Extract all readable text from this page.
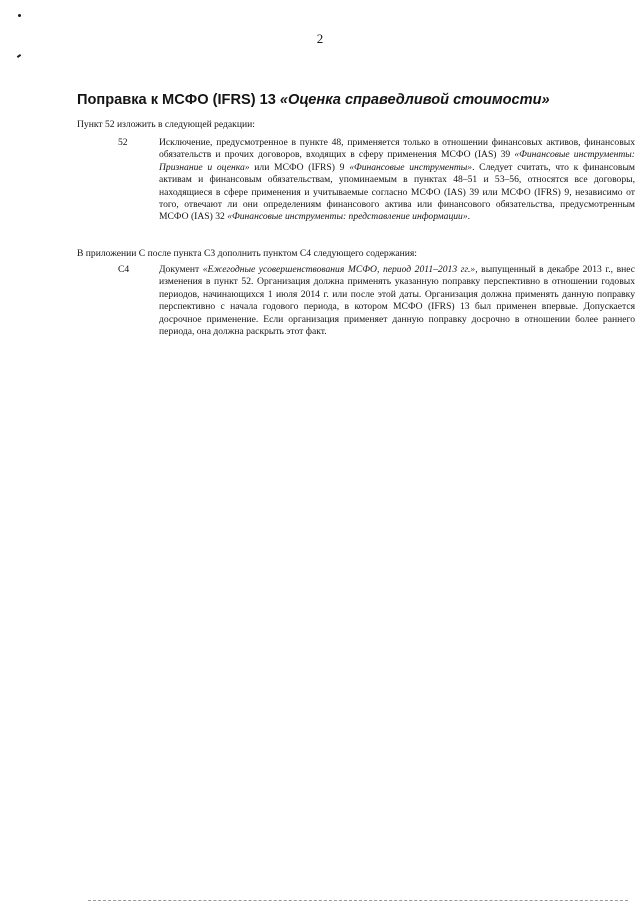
2
Поправка к МСФО (IFRS) 13 «Оценка справедливой стоимости»
Пункт 52 изложить в следующей редакции:
52	Исключение, предусмотренное в пункте 48, применяется только в отношении финансовых активов, финансовых обязательств и прочих договоров, входящих в сферу применения МСФО (IAS) 39 «Финансовые инструменты: Признание и оценка» или МСФО (IFRS) 9 «Финансовые инструменты». Следует считать, что к финансовым активам и финансовым обязательствам, упоминаемым в пунктах 48–51 и 53–56, относятся все договоры, находящиеся в сфере применения и учитываемые согласно МСФО (IAS) 39 или МСФО (IFRS) 9, независимо от того, отвечают ли они определениям финансового актива или финансового обязательства, предусмотренным МСФО (IAS) 32 «Финансовые инструменты: представление информации».
В приложении С после пункта С3 дополнить пунктом С4 следующего содержания:
С4	Документ «Ежегодные усовершенствования МСФО, период 2011–2013 гг.», выпущенный в декабре 2013 г., внес изменения в пункт 52. Организация должна применять указанную поправку перспективно в отношении годовых периодов, начинающихся 1 июля 2014 г. или после этой даты. Организация должна применять данную поправку перспективно с начала годового периода, в котором МСФО (IFRS) 13 был применен впервые. Допускается досрочное применение. Если организация применяет данную поправку досрочно в отношении более раннего периода, она должна раскрыть этот факт.
